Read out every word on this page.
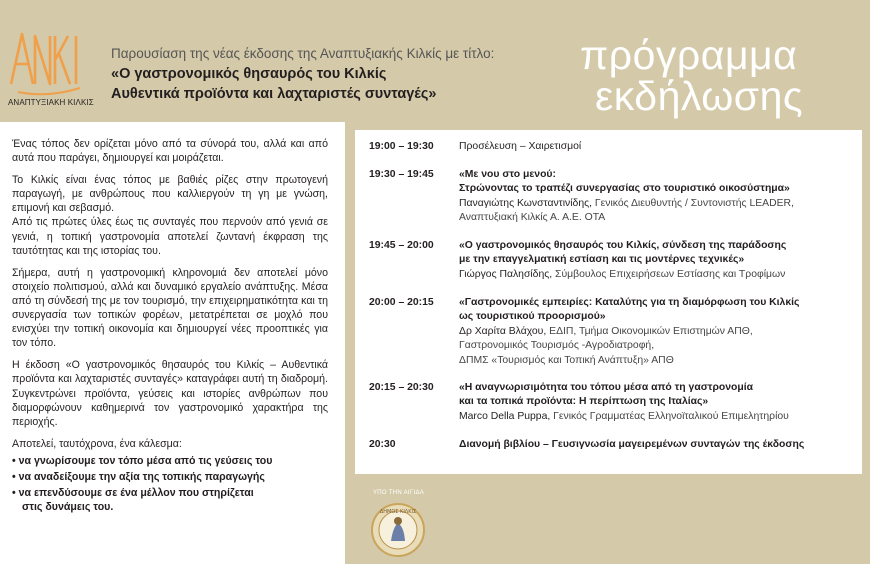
ΑΝΑΠΤΥΞΙΑΚΗ ΚΙΛΚΙΣ
Παρουσίαση της νέας έκδοσης της Αναπτυξιακής Κιλκίς με τίτλο:
«Ο γαστρονομικός θησαυρός του Κιλκίς
Αυθεντικά προϊόντα και λαχταριστές συνταγές»
πρόγραμμα
εκδήλωσης

Ένας τόπος δεν ορίζεται μόνο από τα σύνορά του, αλλά και από αυτά που παράγει, δημιουργεί και μοιράζεται.

Το Κιλκίς είναι ένας τόπος με βαθιές ρίζες στην πρωτογενή παραγωγή, με ανθρώπους που καλλιεργούν τη γη με γνώση, επιμονή και σεβασμό.
Από τις πρώτες ύλες έως τις συνταγές που περνούν από γενιά σε γενιά, η τοπική γαστρονομία αποτελεί ζωντανή έκφραση της ταυτότητας και της ιστορίας του.

Σήμερα, αυτή η γαστρονομική κληρονομιά δεν αποτελεί μόνο στοιχείο πολιτισμού, αλλά και δυναμικό εργαλείο ανάπτυξης. Μέσα από τη σύνδεσή της με τον τουρισμό, την επιχειρηματικότητα και τη συνεργασία των τοπικών φορέων, μετατρέπεται σε μοχλό που ενισχύει την τοπική οικονομία και δημιουργεί νέες προοπτικές για τον τόπο.

Η έκδοση «Ο γαστρονομικός θησαυρός του Κιλκίς – Αυθεντικά προϊόντα και λαχταριστές συνταγές» καταγράφει αυτή τη διαδρομή. Συγκεντρώνει προϊόντα, γεύσεις και ιστορίες ανθρώπων που διαμορφώνουν καθημερινά τον γαστρονομικό χαρακτήρα της περιοχής.

Αποτελεί, ταυτόχρονα, ένα κάλεσμα:

• να γνωρίσουμε τον τόπο μέσα από τις γεύσεις του
• να αναδείξουμε την αξία της τοπικής παραγωγής
• να επενδύσουμε σε ένα μέλλον που στηρίζεται
στις δυνάμεις του.
19:00 – 19:30	Προσέλευση – Χαιρετισμοί
19:30 – 19:45	«Με νου στο μενού:
Στρώνοντας το τραπέζι συνεργασίας στο τουριστικό οικοσύστημα»
Παναγιώτης Κωνσταντινίδης, Γενικός Διευθυντής / Συντονιστής LEADER,
Αναπτυξιακή Κιλκίς Α. Α.Ε. ΟΤΑ
19:45 – 20:00	«Ο γαστρονομικός θησαυρός του Κιλκίς, σύνδεση της παράδοσης
με την επαγγελματική εστίαση και τις μοντέρνες τεχνικές»
Γιώργος Παλησίδης, Σύμβουλος Επιχειρήσεων Εστίασης και Τροφίμων
20:00 – 20:15	«Γαστρονομικές εμπειρίες: Καταλύτης για τη διαμόρφωση του Κιλκίς
ως τουριστικού προορισμού»
Δρ Χαρίτα Βλάχου, ΕΔΙΠ, Τμήμα Οικονομικών Επιστημών ΑΠΘ,
Γαστρονομικός Τουρισμός -Αγροδιατροφή,
ΔΠΜΣ «Τουρισμός και Τοπική Ανάπτυξη» ΑΠΘ
20:15 – 20:30	«Η αναγνωρισιμότητα του τόπου μέσα από τη γαστρονομία
και τα τοπικά προϊόντα: Η περίπτωση της Ιταλίας»
Marco Della Puppa, Γενικός Γραμματέας Ελληνοϊταλικού Επιμελητηρίου
20:30	Διανομή βιβλίου – Γευσιγνωσία μαγειρεμένων συνταγών της έκδοσης
ΥΠΟ ΤΗΝ ΑΙΓΙΔΑ
ΔΗΜΟΣ ΚΙΛΚΙΣ
